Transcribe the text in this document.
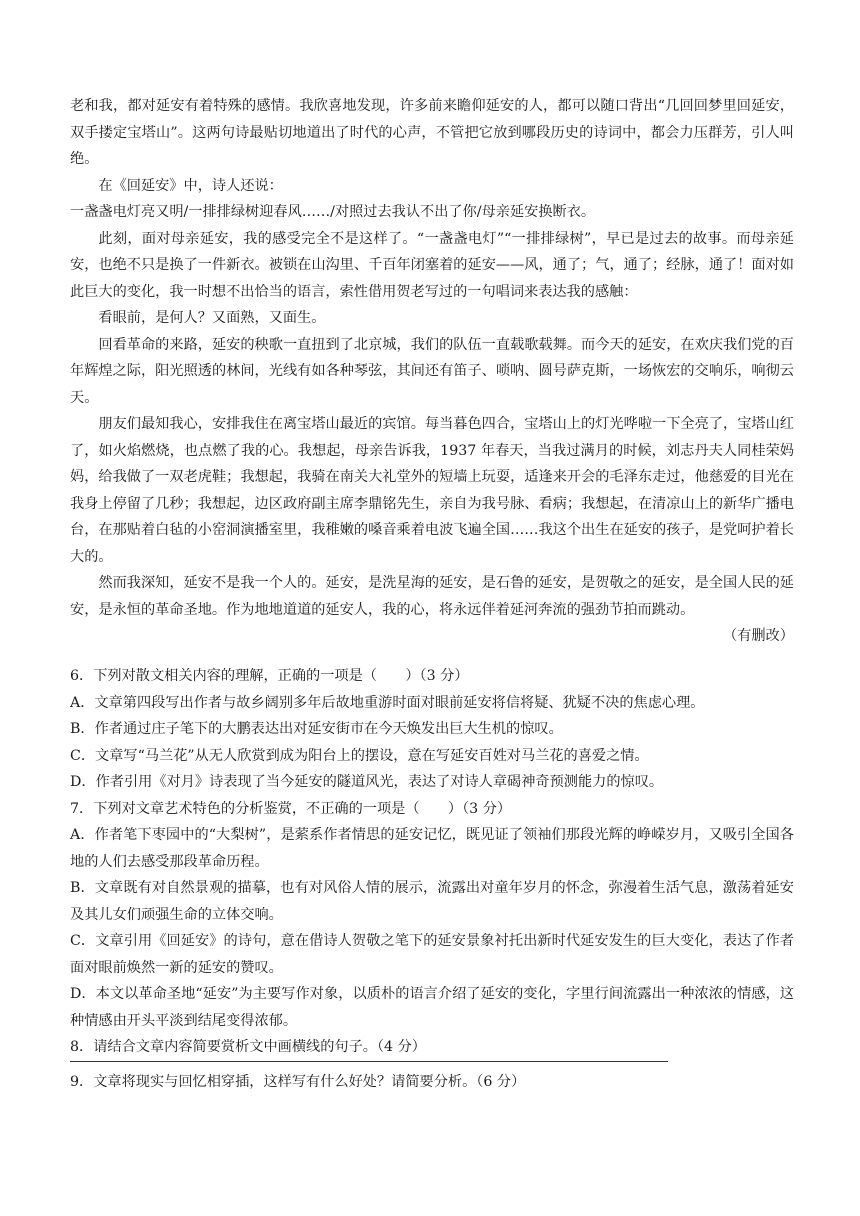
老和我，都对延安有着特殊的感情。我欣喜地发现，许多前来瞻仰延安的人，都可以随口背出“几回回梦里回延安，双手搂定宝塔山”。这两句诗最贴切地道出了时代的心声，不管把它放到哪段历史的诗词中，都会力压群芳，引人叫绝。

在《回延安》中，诗人还说：

一盏盏电灯亮又明/一排排绿树迎春风……/对照过去我认不出了你/母亲延安换断衣。

此刻，面对母亲延安，我的感受完全不是这样了。“一盏盏电灯”“一排排绿树”，早已是过去的故事。而母亲延安，也绝不只是换了一件新衣。被锁在山沟里、千百年闭塞着的延安——风，通了；气，通了；经脉，通了！面对如此巨大的变化，我一时想不出恰当的语言，索性借用贺老写过的一句唱词来表达我的感触：

看眼前，是何人？又面熟，又面生。

回看革命的来路，延安的秧歌一直扭到了北京城，我们的队伍一直载歌载舞。而今天的延安，在欢庆我们党的百年辉煌之际，阳光照透的林间，光线有如各种琴弦，其间还有笛子、唢呐、圆号萨克斯，一场恢宏的交响乐，响彻云天。

朋友们最知我心，安排我住在离宝塔山最近的宾馆。每当暮色四合，宝塔山上的灯光哗啦一下全亮了，宝塔山红了，如火焰燃烧，也点燃了我的心。我想起，母亲告诉我，1937 年春天，当我过满月的时候，刘志丹夫人同桂荣妈妈，给我做了一双老虎鞋；我想起，我骑在南关大礼堂外的短墙上玩耍，适逢来开会的毛泽东走过，他慈爱的目光在我身上停留了几秒；我想起，边区政府副主席李鼎铭先生，亲自为我号脉、看病；我想起，在清凉山上的新华广播电台，在那贴着白毡的小窑洞演播室里，我稚嫩的嗓音乘着电波飞遍全国……我这个出生在延安的孩子，是党呵护着长大的。

然而我深知，延安不是我一个人的。延安，是洗星海的延安，是石鲁的延安，是贺敬之的延安，是全国人民的延安，是永恒的革命圣地。作为地地道道的延安人，我的心，将永远伴着延河奔流的强劲节拍而跳动。

（有删改）

6．下列对散文相关内容的理解，正确的一项是（　　）（3 分）

A．文章第四段写出作者与故乡阔别多年后故地重游时面对眼前延安将信将疑、犹疑不决的焦虑心理。

B．作者通过庄子笔下的大鹏表达出对延安街市在今天焕发出巨大生机的惊叹。

C．文章写“马兰花”从无人欣赏到成为阳台上的摆设，意在写延安百姓对马兰花的喜爱之情。

D．作者引用《对月》诗表现了当今延安的隧道风光，表达了对诗人章碣神奇预测能力的惊叹。

7．下列对文章艺术特色的分析鉴赏，不正确的一项是（　　）（3 分）

A．作者笔下枣园中的“大梨树”，是萦系作者情思的延安记忆，既见证了领袖们那段光辉的峥嵘岁月，又吸引全国各地的人们去感受那段革命历程。

B．文章既有对自然景观的描摹，也有对风俗人情的展示，流露出对童年岁月的怀念，弥漫着生活气息，激荡着延安及其儿女们顽强生命的立体交响。

C．文章引用《回延安》的诗句，意在借诗人贺敬之笔下的延安景象衬托出新时代延安发生的巨大变化，表达了作者面对眼前焕然一新的延安的赞叹。

D．本文以革命圣地“延安”为主要写作对象，以质朴的语言介绍了延安的变化，字里行间流露出一种浓浓的情感，这种情感由开头平淡到结尾变得浓郁。

8．请结合文章内容简要赏析文中画横线的句子。（4 分）

9．文章将现实与回忆相穿插，这样写有什么好处？请简要分析。（6 分）
